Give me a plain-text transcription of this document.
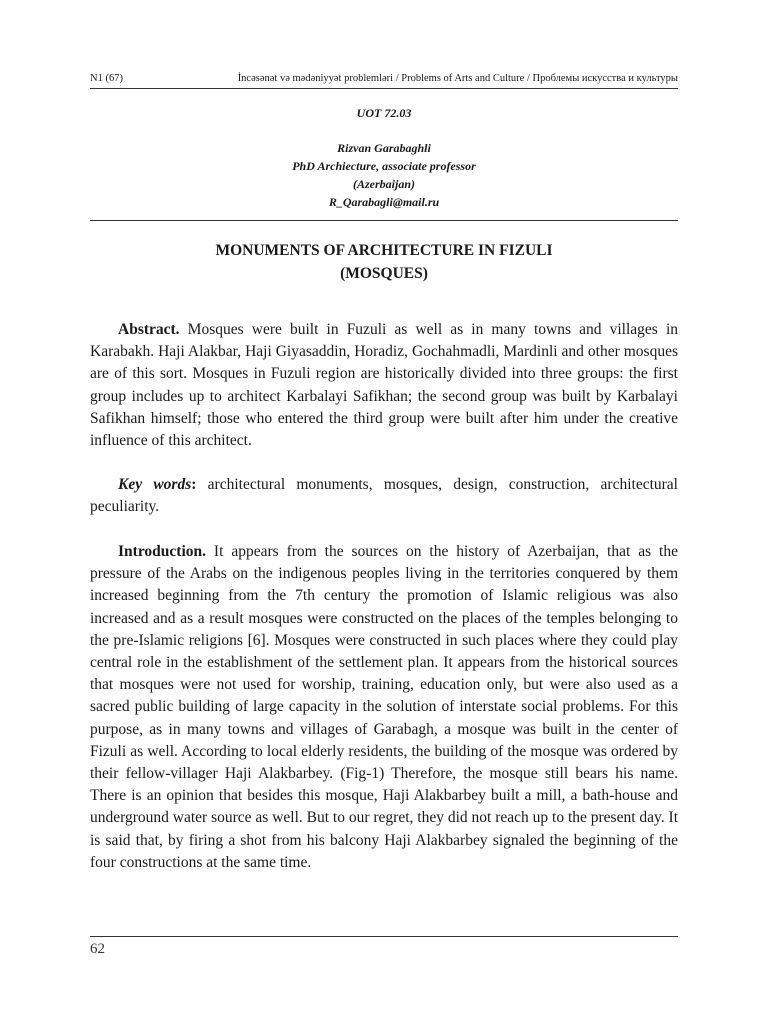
N1 (67)	İncəsənət və mədəniyyət problemləri / Problems of Arts and Culture / Проблемы искусства и культуры
UOT 72.03
Rizvan Garabaghli
PhD Archiecture, associate professor
(Azerbaijan)
R_Qarabagli@mail.ru
MONUMENTS OF ARCHITECTURE IN FIZULI
(MOSQUES)

Abstract. Mosques were built in Fuzuli as well as in many towns and villages in Karabakh. Haji Alakbar, Haji Giyasaddin, Horadiz, Gochahmadli, Mardinli and other mosques are of this sort. Mosques in Fuzuli region are historically divided into three groups: the first group includes up to architect Karbalayi Safikhan; the second group was built by Karbalayi Safikhan himself; those who entered the third group were built after him under the creative influence of this architect.

Key words: architectural monuments, mosques, design, construction, architectural peculiarity.

Introduction. It appears from the sources on the history of Azerbaijan, that as the pressure of the Arabs on the indigenous peoples living in the territories conquered by them increased beginning from the 7th century the promotion of Islamic religious was also increased and as a result mosques were constructed on the places of the temples belonging to the pre-Islamic religions [6]. Mosques were constructed in such places where they could play central role in the establishment of the settlement plan. It appears from the historical sources that mosques were not used for worship, training, education only, but were also used as a sacred public building of large capacity in the solution of interstate social problems. For this purpose, as in many towns and villages of Garabagh, a mosque was built in the center of Fizuli as well. According to local elderly residents, the building of the mosque was ordered by their fellow-villager Haji Alakbarbey. (Fig-1) Therefore, the mosque still bears his name. There is an opinion that besides this mosque, Haji Alakbarbey built a mill, a bath-house and underground water source as well. But to our regret, they did not reach up to the present day. It is said that, by firing a shot from his balcony Haji Alakbarbey signaled the beginning of the four constructions at the same time.

62
